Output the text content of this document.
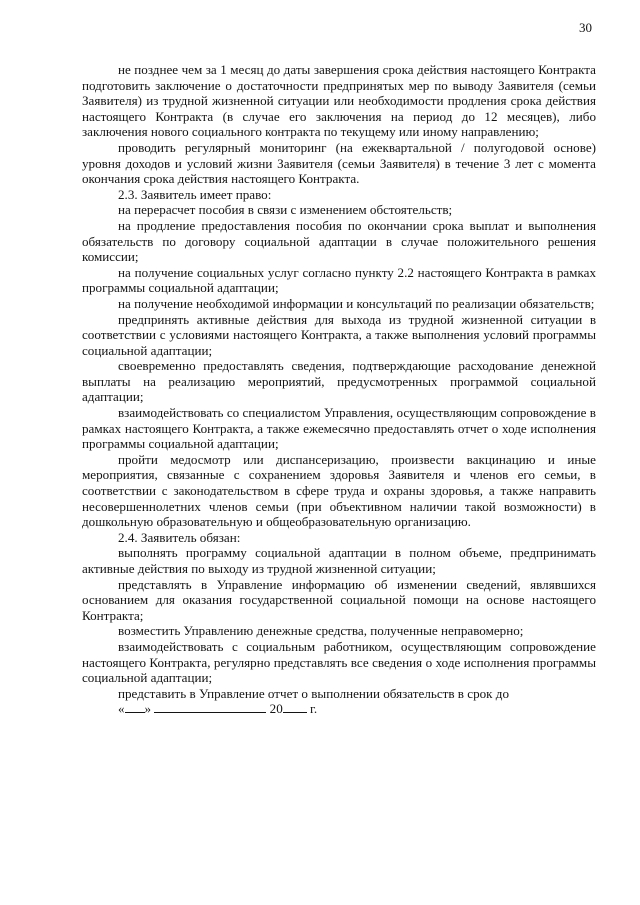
30

не позднее чем за 1 месяц до даты завершения срока действия настоящего Контракта подготовить заключение о достаточности предпринятых мер по выводу Заявителя (семьи Заявителя) из трудной жизненной ситуации или необходимости продления срока действия настоящего Контракта (в случае его заключения на период до 12 месяцев), либо заключения нового социального контракта по текущему или иному направлению;

проводить регулярный мониторинг (на ежеквартальной / полугодовой основе) уровня доходов и условий жизни Заявителя (семьи Заявителя) в течение 3 лет с момента окончания срока действия настоящего Контракта.

2.3. Заявитель имеет право:

на перерасчет пособия в связи с изменением обстоятельств;

на продление предоставления пособия по окончании срока выплат и выполнения обязательств по договору социальной адаптации в случае положительного решения комиссии;

на получение социальных услуг согласно пункту 2.2 настоящего Контракта в рамках программы социальной адаптации;

на получение необходимой информации и консультаций по реализации обязательств;

предпринять активные действия для выхода из трудной жизненной ситуации в соответствии с условиями настоящего Контракта, а также выполнения условий программы социальной адаптации;

своевременно предоставлять сведения, подтверждающие расходование денежной выплаты на реализацию мероприятий, предусмотренных программой социальной адаптации;

взаимодействовать со специалистом Управления, осуществляющим сопровождение в рамках настоящего Контракта, а также ежемесячно предоставлять отчет о ходе исполнения программы социальной адаптации;

пройти медосмотр или диспансеризацию, произвести вакцинацию и иные мероприятия, связанные с сохранением здоровья Заявителя и членов его семьи, в соответствии с законодательством в сфере труда и охраны здоровья, а также направить несовершеннолетних членов семьи (при объективном наличии такой возможности) в дошкольную образовательную и общеобразовательную организацию.

2.4. Заявитель обязан:

выполнять программу социальной адаптации в полном объеме, предпринимать активные действия по выходу из трудной жизненной ситуации;

представлять в Управление информацию об изменении сведений, являвшихся основанием для оказания государственной социальной помощи на основе настоящего Контракта;

возместить Управлению денежные средства, полученные неправомерно;

взаимодействовать с социальным работником, осуществляющим сопровождение настоящего Контракта, регулярно представлять все сведения о ходе исполнения программы социальной адаптации;

представить в Управление отчет о выполнении обязательств в срок до

« »	20 г.
